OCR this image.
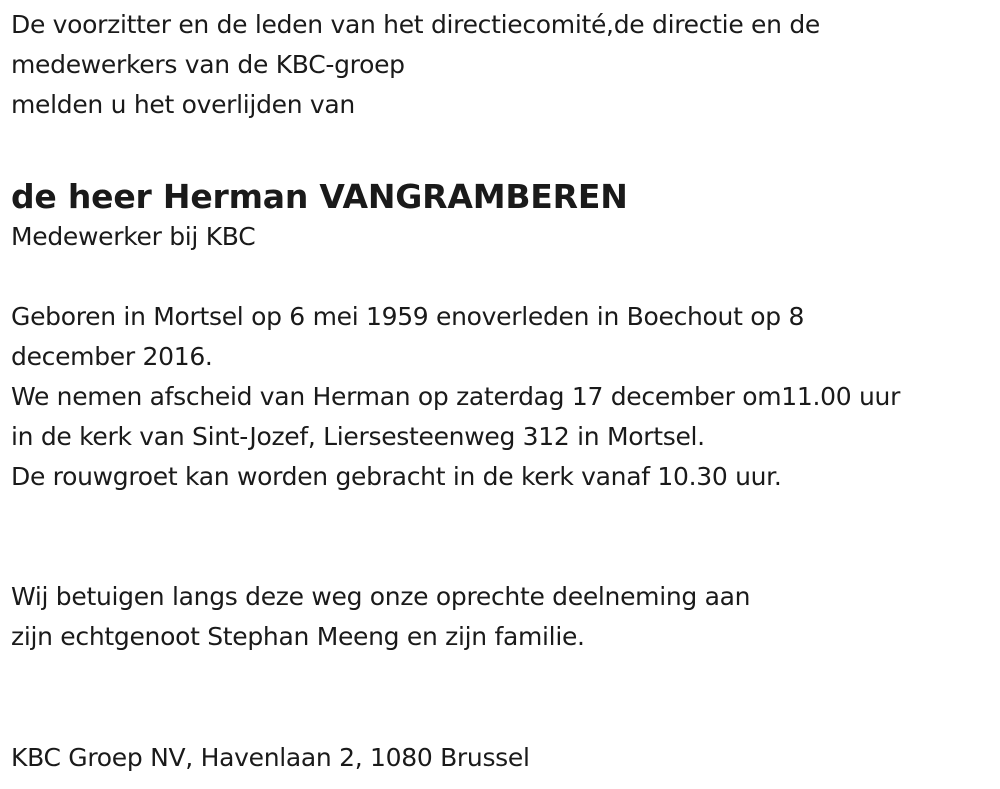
De voorzitter en de leden van het directiecomité,de directie en de
medewerkers van de KBC-groep
melden u het overlijden van
de heer Herman VANGRAMBEREN
Medewerker bij KBC
Geboren in Mortsel op 6 mei 1959 enoverleden in Boechout op 8
december 2016.
We nemen afscheid van Herman op zaterdag 17 december om11.00 uur
in de kerk van Sint-Jozef, Liersesteenweg 312 in Mortsel.
De rouwgroet kan worden gebracht in de kerk vanaf 10.30 uur.
Wij betuigen langs deze weg onze oprechte deelneming aan
zijn echtgenoot Stephan Meeng en zijn familie.
KBC Groep NV, Havenlaan 2, 1080 Brussel
